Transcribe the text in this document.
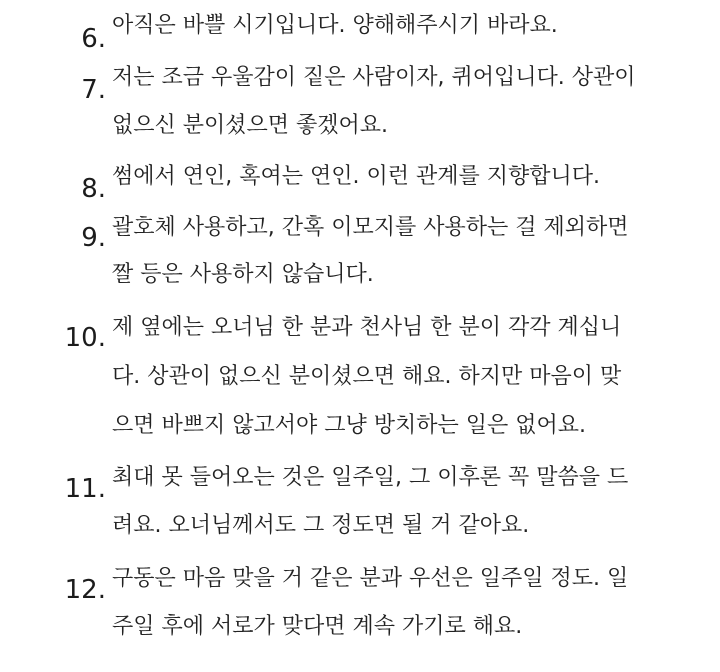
6. 아직은 바쁠 시기입니다. 양해해주시기 바라요.
7. 저는 조금 우울감이 짙은 사람이자, 퀴어입니다. 상관이
없으신 분이셨으면 좋겠어요.
8. 썸에서 연인, 혹여는 연인. 이런 관계를 지향합니다.
9. 괄호체 사용하고, 간혹 이모지를 사용하는 걸 제외하면
짤 등은 사용하지 않습니다.
10. 제 옆에는 오너님 한 분과 천사님 한 분이 각각 계십니
다. 상관이 없으신 분이셨으면 해요. 하지만 마음이 맞
으면 바쁘지 않고서야 그냥 방치하는 일은 없어요.
11. 최대 못 들어오는 것은 일주일, 그 이후론 꼭 말씀을 드
려요. 오너님께서도 그 정도면 될 거 같아요.
12. 구동은 마음 맞을 거 같은 분과 우선은 일주일 정도. 일
주일 후에 서로가 맞다면 계속 가기로 해요.
